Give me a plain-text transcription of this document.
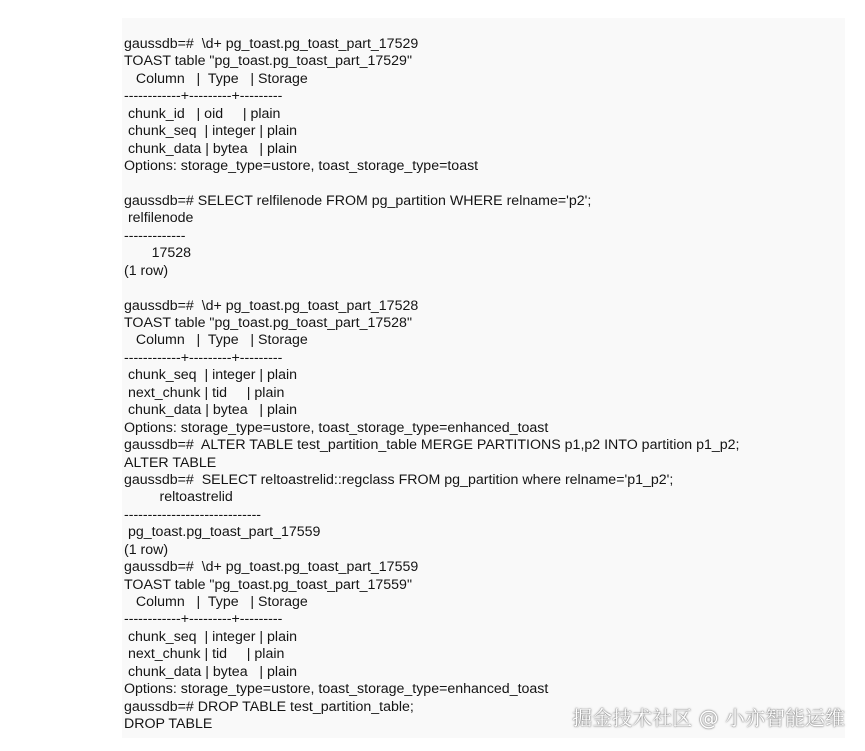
gaussdb=#  \d+ pg_toast.pg_toast_part_17529
TOAST table "pg_toast.pg_toast_part_17529"
Column   |  Type   | Storage
------------+---------+---------
chunk_id   | oid     | plain
chunk_seq  | integer | plain
chunk_data | bytea   | plain
Options: storage_type=ustore, toast_storage_type=toast

gaussdb=# SELECT relfilenode FROM pg_partition WHERE relname='p2';
relfilenode
-------------
17528
(1 row)

gaussdb=#  \d+ pg_toast.pg_toast_part_17528
TOAST table "pg_toast.pg_toast_part_17528"
Column   |  Type   | Storage
------------+---------+---------
chunk_seq  | integer | plain
next_chunk | tid     | plain
chunk_data | bytea   | plain
Options: storage_type=ustore, toast_storage_type=enhanced_toast
gaussdb=#  ALTER TABLE test_partition_table MERGE PARTITIONS p1,p2 INTO partition p1_p2;
ALTER TABLE
gaussdb=#  SELECT reltoastrelid::regclass FROM pg_partition where relname='p1_p2';
reltoastrelid
-----------------------------
pg_toast.pg_toast_part_17559
(1 row)
gaussdb=#  \d+ pg_toast.pg_toast_part_17559
TOAST table "pg_toast.pg_toast_part_17559"
Column   |  Type   | Storage
------------+---------+---------
chunk_seq  | integer | plain
next_chunk | tid     | plain
chunk_data | bytea   | plain
Options: storage_type=ustore, toast_storage_type=enhanced_toast
gaussdb=# DROP TABLE test_partition_table;
DROP TABLE	掘金技术社区 @ 小亦智能运维
